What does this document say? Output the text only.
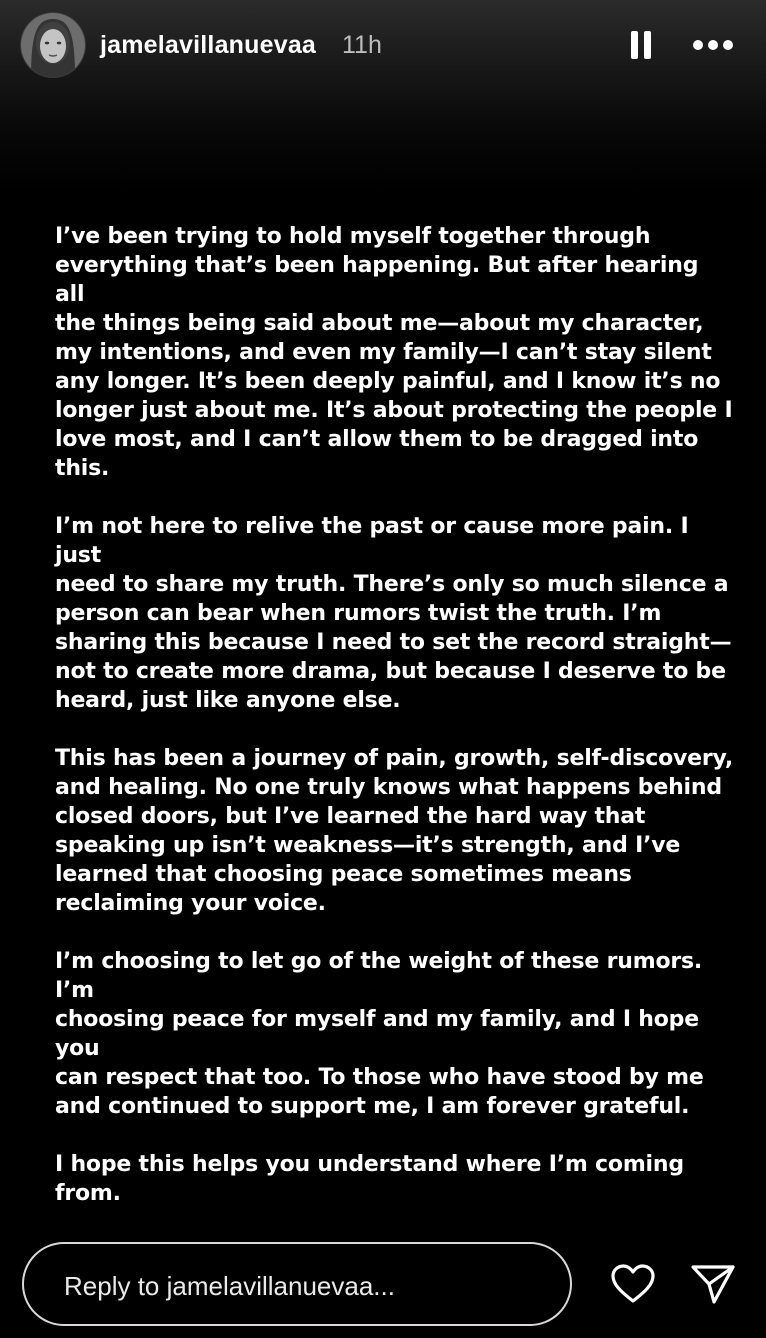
jamelavillanuevaa 11h

I’ve been trying to hold myself together through
everything that’s been happening. But after hearing all
the things being said about me—about my character,
my intentions, and even my family—I can’t stay silent
any longer. It’s been deeply painful, and I know it’s no
longer just about me. It’s about protecting the people I
love most, and I can’t allow them to be dragged into
this.

I’m not here to relive the past or cause more pain. I just
need to share my truth. There’s only so much silence a
person can bear when rumors twist the truth. I’m
sharing this because I need to set the record straight—
not to create more drama, but because I deserve to be
heard, just like anyone else.

This has been a journey of pain, growth, self-discovery,
and healing. No one truly knows what happens behind
closed doors, but I’ve learned the hard way that
speaking up isn’t weakness—it’s strength, and I’ve
learned that choosing peace sometimes means
reclaiming your voice.

I’m choosing to let go of the weight of these rumors. I’m
choosing peace for myself and my family, and I hope you
can respect that too. To those who have stood by me
and continued to support me, I am forever grateful.

I hope this helps you understand where I’m coming
from.

Reply to jamelavillanuevaa...
